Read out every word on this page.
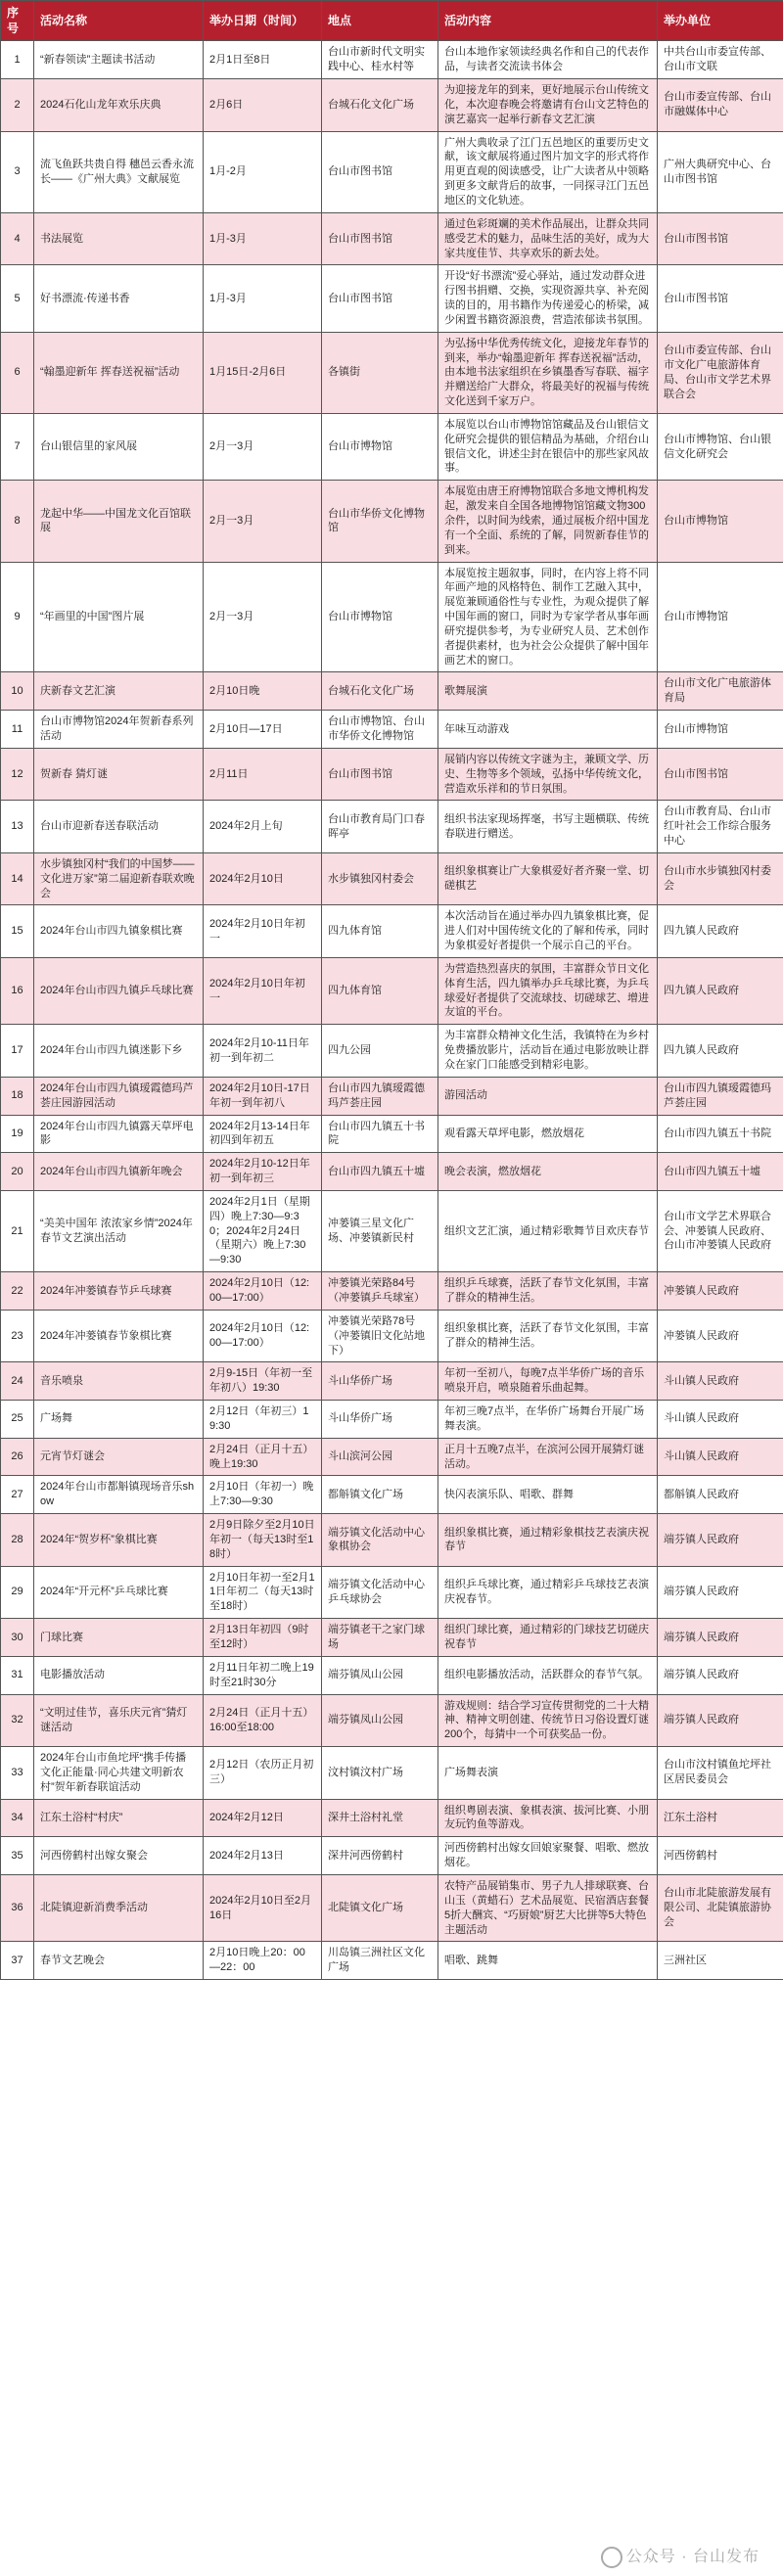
序号	活动名称	举办日期（时间）	地点	活动内容	举办单位
1	“新春领读”主题读书活动	2月1日至8日	台山市新时代文明实践中心、桂水村等	台山本地作家领读经典名作和自己的代表作品，与读者交流读书体会	中共台山市委宣传部、台山市文联
2	2024石化山龙年欢乐庆典	2月6日	台城石化文化广场	为迎接龙年的到来，更好地展示台山传统文化，本次迎春晚会将邀请有台山文艺特色的演艺嘉宾一起举行新春文艺汇演	台山市委宣传部、台山市融媒体中心
3	流飞鱼跃共贵自得 穗邑云香永流长——《广州大典》文献展览	1月-2月	台山市图书馆	广州大典收录了江门五邑地区的重要历史文献，该文献展将通过图片加文字的形式将作用更直观的阅读感受，让广大读者从中领略到更多文献背后的故事，一同探寻江门五邑地区的文化轨迹。	广州大典研究中心、台山市图书馆
4	书法展览	1月-3月	台山市图书馆	通过色彩斑斓的美术作品展出，让群众共同感受艺术的魅力，品味生活的美好，成为大家共度佳节、共享欢乐的新去处。	台山市图书馆
5	好书漂流·传递书香	1月-3月	台山市图书馆	开设“好书漂流”爱心驿站，通过发动群众进行图书捐赠、交换，实现资源共享、补充阅读的目的，用书籍作为传递爱心的桥梁，减少闲置书籍资源浪费，营造浓郁读书氛围。	台山市图书馆
6	“翰墨迎新年 挥春送祝福”活动	1月15日-2月6日	各镇街	为弘扬中华优秀传统文化，迎接龙年春节的到来，举办“翰墨迎新年 挥春送祝福”活动，由本地书法家组织在乡镇墨香写春联、福字并赠送给广大群众，将最美好的祝福与传统文化送到千家万户。	台山市委宣传部、台山市文化广电旅游体育局、台山市文学艺术界联合会
7	台山银信里的家风展	2月一3月	台山市博物馆	本展览以台山市博物馆馆藏品及台山银信文化研究会提供的银信精品为基础，介绍台山银信文化，讲述尘封在银信中的那些家风故事。	台山市博物馆、台山银信文化研究会
8	龙起中华——中国龙文化百馆联展	2月一3月	台山市华侨文化博物馆	本展览由唐王府博物馆联合多地文博机构发起，激发来自全国各地博物馆馆藏文物300余件，以时间为线索，通过展板介绍中国龙有一个全面、系统的了解，同贺新春佳节的到来。	台山市博物馆
9	“年画里的中国”图片展	2月一3月	台山市博物馆	本展览按主题叙事，同时，在内容上将不同年画产地的风格特色、制作工艺融入其中，展览兼顾通俗性与专业性，为观众提供了解中国年画的窗口，同时为专家学者从事年画研究提供参考，为专业研究人员、艺术创作者提供素材，也为社会公众提供了解中国年画艺术的窗口。	台山市博物馆
10	庆新春文艺汇演	2月10日晚	台城石化文化广场	歌舞展演	台山市文化广电旅游体育局
11	台山市博物馆2024年贺新春系列活动	2月10日—17日	台山市博物馆、台山市华侨文化博物馆	年味互动游戏	台山市博物馆
12	贺新春 猜灯谜	2月11日	台山市图书馆	展销内容以传统文字谜为主，兼顾文学、历史、生物等多个领域，弘扬中华传统文化，营造欢乐祥和的节日氛围。	台山市图书馆
13	台山市迎新春送春联活动	2024年2月上旬	台山市教育局门口春晖亭	组织书法家现场挥毫，书写主题横联、传统春联进行赠送。	台山市教育局、台山市红叶社会工作综合服务中心
14	水步镇独冈村“我们的中国梦——文化进万家”第二届迎新春联欢晚会	2024年2月10日	水步镇独冈村委会	组织象棋赛让广大象棋爱好者齐聚一堂、切磋棋艺	台山市水步镇独冈村委会
15	2024年台山市四九镇象棋比赛	2024年2月10日年初一	四九体育馆	本次活动旨在通过举办四九镇象棋比赛，促进人们对中国传统文化的了解和传承，同时为象棋爱好者提供一个展示自己的平台。	四九镇人民政府
16	2024年台山市四九镇乒乓球比赛	2024年2月10日年初一	四九体育馆	为营造热烈喜庆的氛围，丰富群众节日文化体育生活，四九镇举办乒乓球比赛，为乒乓球爱好者提供了交流球技、切磋球艺、增进友谊的平台。	四九镇人民政府
17	2024年台山市四九镇迷影下乡	2024年2月10-11日年初一到年初二	四九公园	为丰富群众精神文化生活，我镇特在为乡村免费播放影片，活动旨在通过电影放映让群众在家门口能感受到精彩电影。	四九镇人民政府
18	2024年台山市四九镇瑷霞德玛芦荟庄园游园活动	2024年2月10日-17日年初一到年初八	台山市四九镇瑷霞德玛芦荟庄园	游园活动	台山市四九镇瑷霞德玛芦荟庄园
19	2024年台山市四九镇露天草坪电影	2024年2月13-14日年初四到年初五	台山市四九镇五十书院	观看露天草坪电影，燃放烟花	台山市四九镇五十书院
20	2024年台山市四九镇新年晚会	2024年2月10-12日年初一到年初三	台山市四九镇五十墟	晚会表演，燃放烟花	台山市四九镇五十墟
21	“美美中国年 浓浓家乡情”2024年春节文艺演出活动	2024年2月1日（星期四）晚上7:30—9:30；2024年2月24日（星期六）晚上7:30—9:30	冲蒌镇三星文化广场、冲蒌镇新民村	组织文艺汇演，通过精彩歌舞节目欢庆春节	台山市文学艺术界联合会、冲蒌镇人民政府、台山市冲蒌镇人民政府
22	2024年冲蒌镇春节乒乓球赛	2024年2月10日（12:00—17:00）	冲蒌镇光荣路84号（冲蒌镇乒乓球室）	组织乒乓球赛，活跃了春节文化氛围，丰富了群众的精神生活。	冲蒌镇人民政府
23	2024年冲蒌镇春节象棋比赛	2024年2月10日（12:00—17:00）	冲蒌镇光荣路78号（冲蒌镇旧文化站地下）	组织象棋比赛，活跃了春节文化氛围，丰富了群众的精神生活。	冲蒌镇人民政府
24	音乐喷泉	2月9-15日（年初一至年初八）19:30	斗山华侨广场	年初一至初八，每晚7点半华侨广场的音乐喷泉开启，喷泉随着乐曲起舞。	斗山镇人民政府
25	广场舞	2月12日（年初三）19:30	斗山华侨广场	年初三晚7点半，在华侨广场舞台开展广场舞表演。	斗山镇人民政府
26	元宵节灯谜会	2月24日（正月十五）晚上19:30	斗山滨河公园	正月十五晚7点半，在滨河公园开展猜灯谜活动。	斗山镇人民政府
27	2024年台山市都斛镇现场音乐show	2月10日（年初一）晚上7:30—9:30	都斛镇文化广场	快闪表演乐队、唱歌、群舞	都斛镇人民政府
28	2024年“贺岁杯”象棋比赛	2月9日除夕至2月10日年初一（每天13时至18时）	端芬镇文化活动中心象棋协会	组织象棋比赛，通过精彩象棋技艺表演庆祝春节	端芬镇人民政府
29	2024年“开元杯”乒乓球比赛	2月10日年初一至2月11日年初二（每天13时至18时）	端芬镇文化活动中心乒乓球协会	组织乒乓球比赛，通过精彩乒乓球技艺表演庆祝春节。	端芬镇人民政府
30	门球比赛	2月13日年初四（9时至12时）	端芬镇老干之家门球场	组织门球比赛，通过精彩的门球技艺切磋庆祝春节	端芬镇人民政府
31	电影播放活动	2月11日年初二晚上19时至21时30分	端芬镇凤山公园	组织电影播放活动，活跃群众的春节气氛。	端芬镇人民政府
32	“文明过佳节，喜乐庆元宵”猜灯谜活动	2月24日（正月十五）16:00至18:00	端芬镇凤山公园	游戏规则：结合学习宣传贯彻党的二十大精神、精神文明创建、传统节日习俗设置灯谜200个，每猜中一个可获奖品一份。	端芬镇人民政府
33	2024年台山市鱼坨坪“携手传播文化正能量·同心共建文明新农村”贺年新春联谊活动	2月12日（农历正月初三）	汶村镇汶村广场	广场舞表演	台山市汶村镇鱼坨坪社区居民委员会
34	江东土浴村“村庆”	2024年2月12日	深井土浴村礼堂	组织粤剧表演、象棋表演、拔河比赛、小朋友玩钓鱼等游戏。	江东土浴村
35	河西傍鹤村出嫁女聚会	2024年2月13日	深井河西傍鹤村	河西傍鹤村出嫁女回娘家聚餐、唱歌、燃放烟花。	河西傍鹤村
36	北陡镇迎新消费季活动	2024年2月10日至2月16日	北陡镇文化广场	农特产品展销集市、男子九人排球联赛、台山玉（黄蜡石）艺术品展览、民宿酒店套餐5折大酬宾、“巧厨娘”厨艺大比拼等5大特色主题活动	台山市北陡旅游发展有限公司、北陡镇旅游协会
37	春节文艺晚会	2月10日晚上20：00—22：00	川岛镇三洲社区文化广场	唱歌、跳舞	三洲社区
公众号 · 台山发布
